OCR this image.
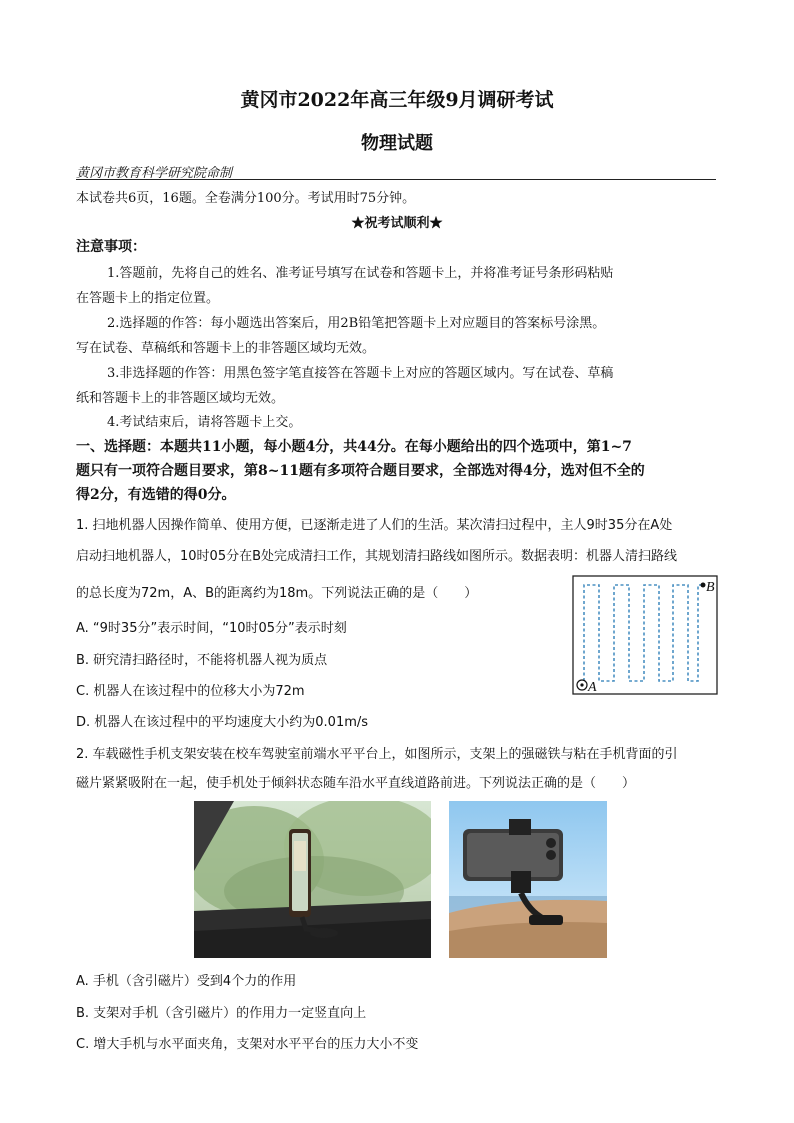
黄冈市2022年高三年级9月调研考试
物理试题
黄冈市教育科学研究院命制
本试卷共6页，16题。全卷满分100分。考试用时75分钟。
★祝考试顺利★
注意事项：
1.答题前，先将自己的姓名、准考证号填写在试卷和答题卡上，并将准考证号条形码粘贴
在答题卡上的指定位置。
2.选择题的作答：每小题选出答案后，用2B铅笔把答题卡上对应题目的答案标号涂黑。
写在试卷、草稿纸和答题卡上的非答题区域均无效。
3.非选择题的作答：用黑色签字笔直接答在答题卡上对应的答题区域内。写在试卷、草稿
纸和答题卡上的非答题区域均无效。
4.考试结束后，请将答题卡上交。
一、选择题：本题共11小题，每小题4分，共44分。在每小题给出的四个选项中，第1~7
题只有一项符合题目要求，第8~11题有多项符合题目要求，全部选对得4分，选对但不全的
得2分，有选错的得0分。
1. 扫地机器人因操作简单、使用方便，已逐渐走进了人们的生活。某次清扫过程中，主人9时35分在A处
启动扫地机器人，10时05分在B处完成清扫工作，其规划清扫路线如图所示。数据表明：机器人清扫路线
的总长度为72m，A、B的距离约为18m。下列说法正确的是（　　）
A. “9时35分”表示时间，“10时05分”表示时刻
B. 研究清扫路径时，不能将机器人视为质点
C. 机器人在该过程中的位移大小为72m
D. 机器人在该过程中的平均速度大小约为0.01m/s
B
A
2. 车载磁性手机支架安装在校车驾驶室前端水平平台上，如图所示，支架上的强磁铁与粘在手机背面的引
磁片紧紧吸附在一起，使手机处于倾斜状态随车沿水平直线道路前进。下列说法正确的是（　　）
A. 手机（含引磁片）受到4个力的作用
B. 支架对手机（含引磁片）的作用力一定竖直向上
C. 增大手机与水平面夹角，支架对水平平台的压力大小不变
